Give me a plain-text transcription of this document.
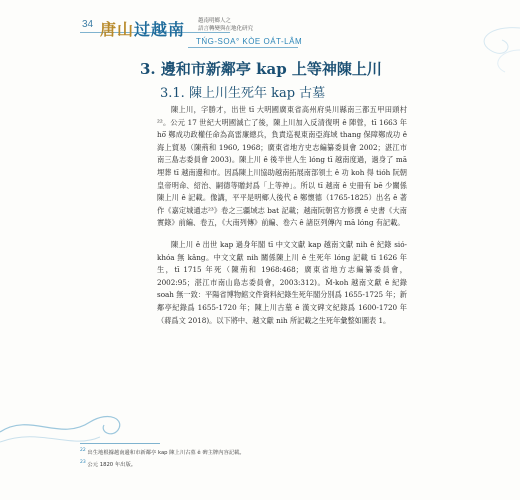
34 唐山过越南 越南明鄉人之
語言轉變與在地化研究
TŃG-SOA° KÒE OÁT-LÂM
3. 邊和市新鄰亭 kap 上等神陳上川
3.1. 陳上川生死年 kap 古墓

陳上川，字勝才，出世 tī 大明國廣東省高州府吳川縣南三都五甲田頭村²²。公元 17 世紀大明國滅亡了後，陳上川加入反清復明 ê 陣營，tī 1663 年 hō͘ 鄭成功政權任命為高雷廉總兵，負責巡視東南亞海域 thang 保障鄭成功 ê 海上貿易（陳荊和 1960, 1968；廣東省地方史志編纂委員會 2002；湛江市南三島志委員會 2003)。陳上川 ê 後半世人生 lóng tī 越南度過，過身了 mā 埋葬 tī 越南邊和市。因爲陳上川協助越南拓展南部領土 ê 功 koh 得 tióh 阮朝皇帝明命、紹治、嗣德等贈封爲「上等神」。所以 tī 越南 ê 史冊有 bē 少關係陳上川 ê 記載。像講，平平是明鄉人後代 ê 鄭懷德（1765-1825）出名 ê 著作《嘉定城通志²³》卷之三疆域志 bat 記載；越南阮朝官方修撰 ê 史書《大南實錄》前編、卷五，《大南列傳》前編、卷六 ê 諸臣列傳內 mā lóng 有記載。

陳上川 ê 出世 kap 過身年閣 tī 中文文獻 kap 越南文獻 nih ê 紀錄 sió-khóa 無 kâng。中文文獻 nih 關係陳上川 ê 生死年 lóng 記載 tī 1626 年生，tī 1715 年死（陳荊和 1968:468；廣東省地方志編纂委員會，2002:95；湛江市南山島志委員會，2003:312)。M̄-koh 越南文獻 ê 紀錄 soah 無一致：平陽省博物館文件資料紀錄生死年閣分別爲 1655-1725 年；新鄰亭紀錄爲 1655-1720 年；陳上川古墓 ê 漢文碑文紀錄爲 1600-1720 年（蔣爲文 2018)。以下將中、越文獻 nih 所記載之生死年彙整如圖表 1。

$^{22}$ 出生地根據越南邊和市新鄰亭 kap 陳上川古墓 ê 碑主牌內容記載。
$^{23}$ 公元 1820 年出版。
